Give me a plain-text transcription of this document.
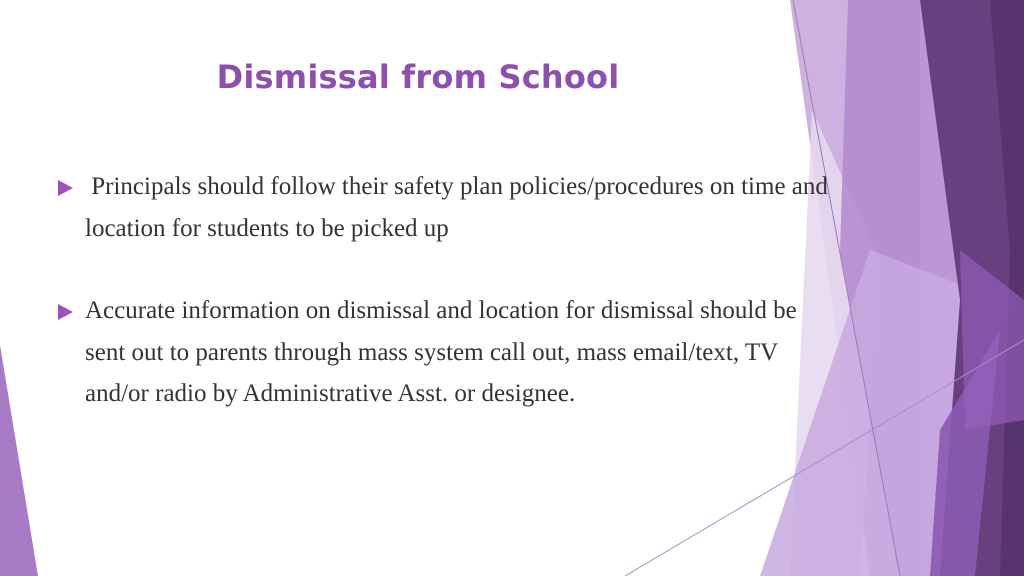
Dismissal from School
Principals should follow their safety plan policies/procedures on time and location for students to be picked up
Accurate information on dismissal and location for dismissal should be sent out to parents through mass system call out, mass email/text, TV and/or radio by Administrative Asst. or designee.
